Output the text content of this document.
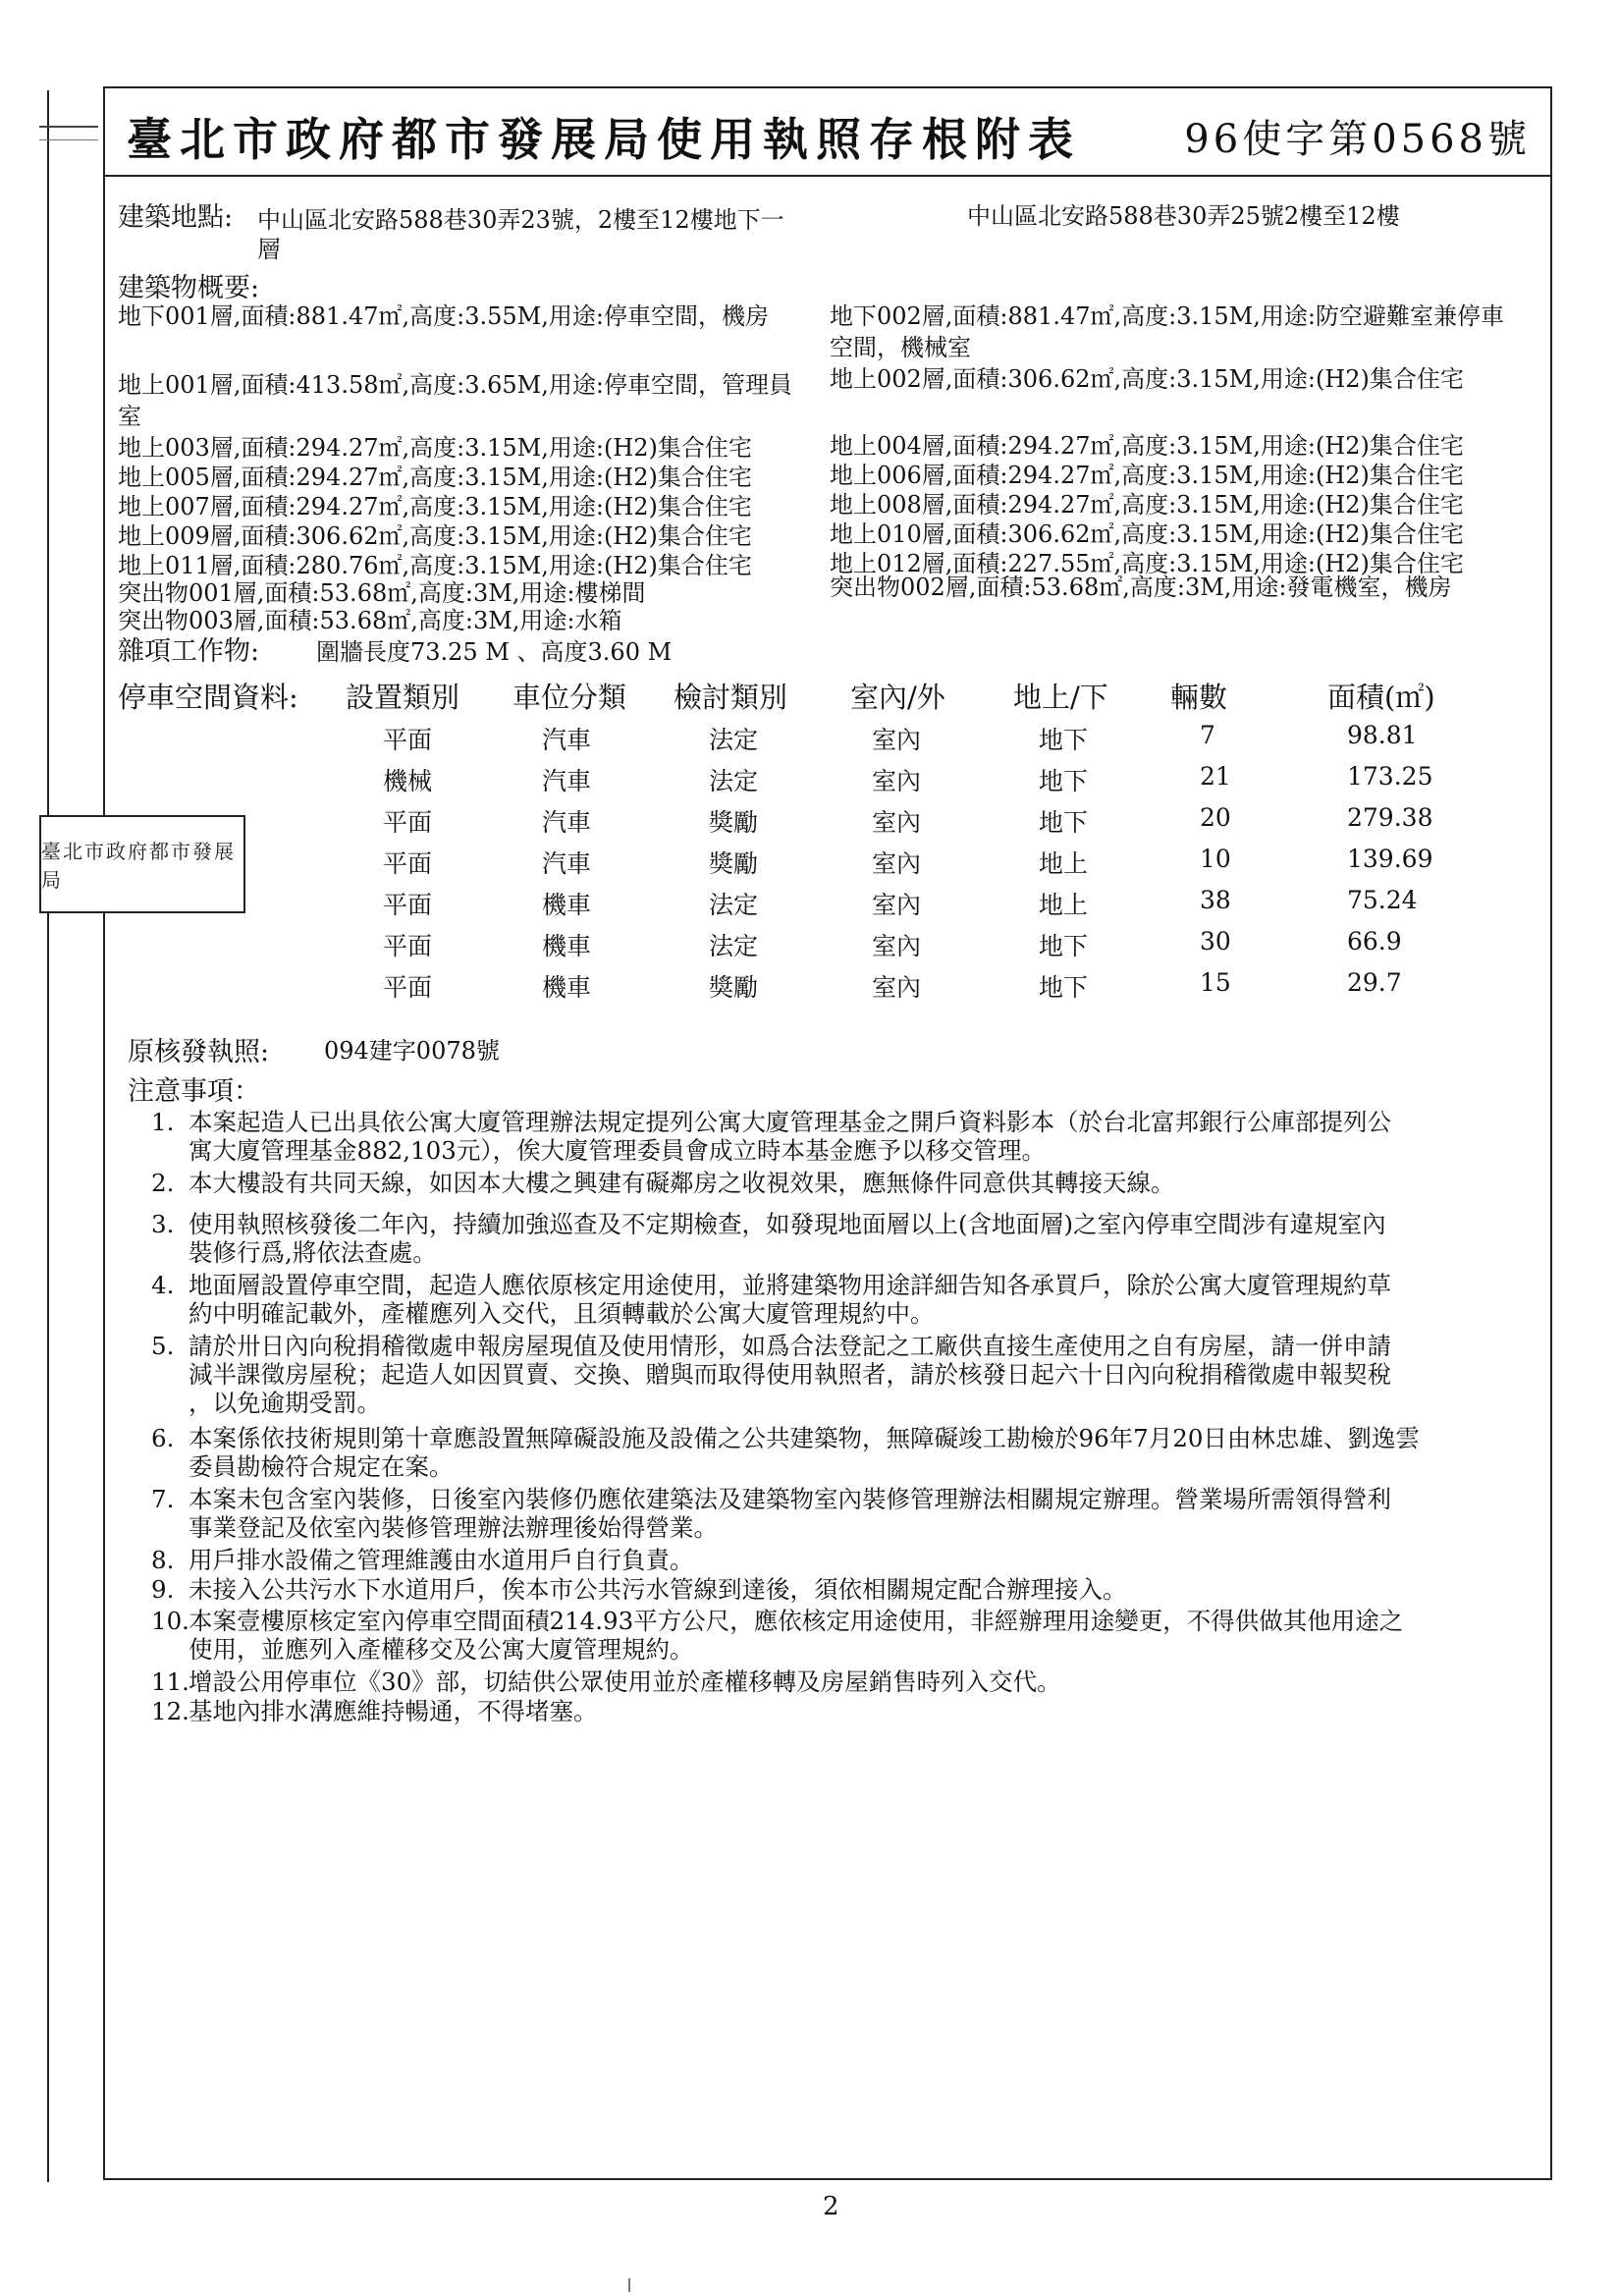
臺北市政府都市發展局使用執照存根附表	96使字第0568號
臺北市政府都市發展局
建築地點: 中山區北安路588巷30弄23號，2樓至12樓地下一
層
中山區北安路588巷30弄25號2樓至12樓
建築物概要:
地下001層,面積:881.47㎡,高度:3.55M,用途:停車空間，機房	地下002層,面積:881.47㎡,高度:3.15M,用途:防空避難室兼停車
空間，機械室
地上001層,面積:413.58㎡,高度:3.65M,用途:停車空間，管理員
室
地上002層,面積:306.62㎡,高度:3.15M,用途:(H2)集合住宅
地上003層,面積:294.27㎡,高度:3.15M,用途:(H2)集合住宅	地上004層,面積:294.27㎡,高度:3.15M,用途:(H2)集合住宅
地上005層,面積:294.27㎡,高度:3.15M,用途:(H2)集合住宅	地上006層,面積:294.27㎡,高度:3.15M,用途:(H2)集合住宅
地上007層,面積:294.27㎡,高度:3.15M,用途:(H2)集合住宅	地上008層,面積:294.27㎡,高度:3.15M,用途:(H2)集合住宅
地上009層,面積:306.62㎡,高度:3.15M,用途:(H2)集合住宅	地上010層,面積:306.62㎡,高度:3.15M,用途:(H2)集合住宅
地上011層,面積:280.76㎡,高度:3.15M,用途:(H2)集合住宅	地上012層,面積:227.55㎡,高度:3.15M,用途:(H2)集合住宅
突出物001層,面積:53.68㎡,高度:3M,用途:樓梯間	突出物002層,面積:53.68㎡,高度:3M,用途:發電機室，機房
突出物003層,面積:53.68㎡,高度:3M,用途:水箱
雜項工作物: 圍牆長度73.25 M 、高度3.60 M
停車空間資料: 設置類別 車位分類 檢討類別 室內/外 地上/下 輛數	面積(㎡)
平面	汽車	法定	室內	地下	7	98.81
機械	汽車	法定	室內	地下	21	173.25
平面	汽車	獎勵	室內	地下	20	279.38
平面	汽車	獎勵	室內	地上	10	139.69
平面	機車	法定	室內	地上	38	75.24
平面	機車	法定	室內	地下	30	66.9
平面	機車	獎勵	室內	地下	15	29.7
原核發執照: 094建字0078號
注意事項：
1. 本案起造人已出具依公寓大廈管理辦法規定提列公寓大廈管理基金之開戶資料影本（於台北富邦銀行公庫部提列公
寓大廈管理基金882,103元），俟大廈管理委員會成立時本基金應予以移交管理。
2. 本大樓設有共同天線，如因本大樓之興建有礙鄰房之收視效果，應無條件同意供其轉接天線。
3. 使用執照核發後二年內，持續加強巡查及不定期檢查，如發現地面層以上(含地面層)之室內停車空間涉有違規室內
裝修行爲,將依法查處。
4. 地面層設置停車空間，起造人應依原核定用途使用，並將建築物用途詳細告知各承買戶，除於公寓大廈管理規約草
約中明確記載外，產權應列入交代，且須轉載於公寓大廈管理規約中。
5. 請於卅日內向稅捐稽徵處申報房屋現值及使用情形，如爲合法登記之工廠供直接生產使用之自有房屋，請一併申請
減半課徵房屋稅；起造人如因買賣、交換、贈與而取得使用執照者，請於核發日起六十日內向稅捐稽徵處申報契稅
，以免逾期受罰。
6. 本案係依技術規則第十章應設置無障礙設施及設備之公共建築物，無障礙竣工勘檢於96年7月20日由林忠雄、劉逸雲
委員勘檢符合規定在案。
7. 本案未包含室內裝修，日後室內裝修仍應依建築法及建築物室內裝修管理辦法相關規定辦理。營業場所需領得營利
事業登記及依室內裝修管理辦法辦理後始得營業。
8. 用戶排水設備之管理維護由水道用戶自行負責。
9. 未接入公共污水下水道用戶，俟本市公共污水管線到達後，須依相關規定配合辦理接入。
10. 本案壹樓原核定室內停車空間面積214.93平方公尺，應依核定用途使用，非經辦理用途變更，不得供做其他用途之
使用，並應列入產權移交及公寓大廈管理規約。
11. 增設公用停車位《30》部，切結供公眾使用並於產權移轉及房屋銷售時列入交代。
12. 基地內排水溝應維持暢通，不得堵塞。
2
